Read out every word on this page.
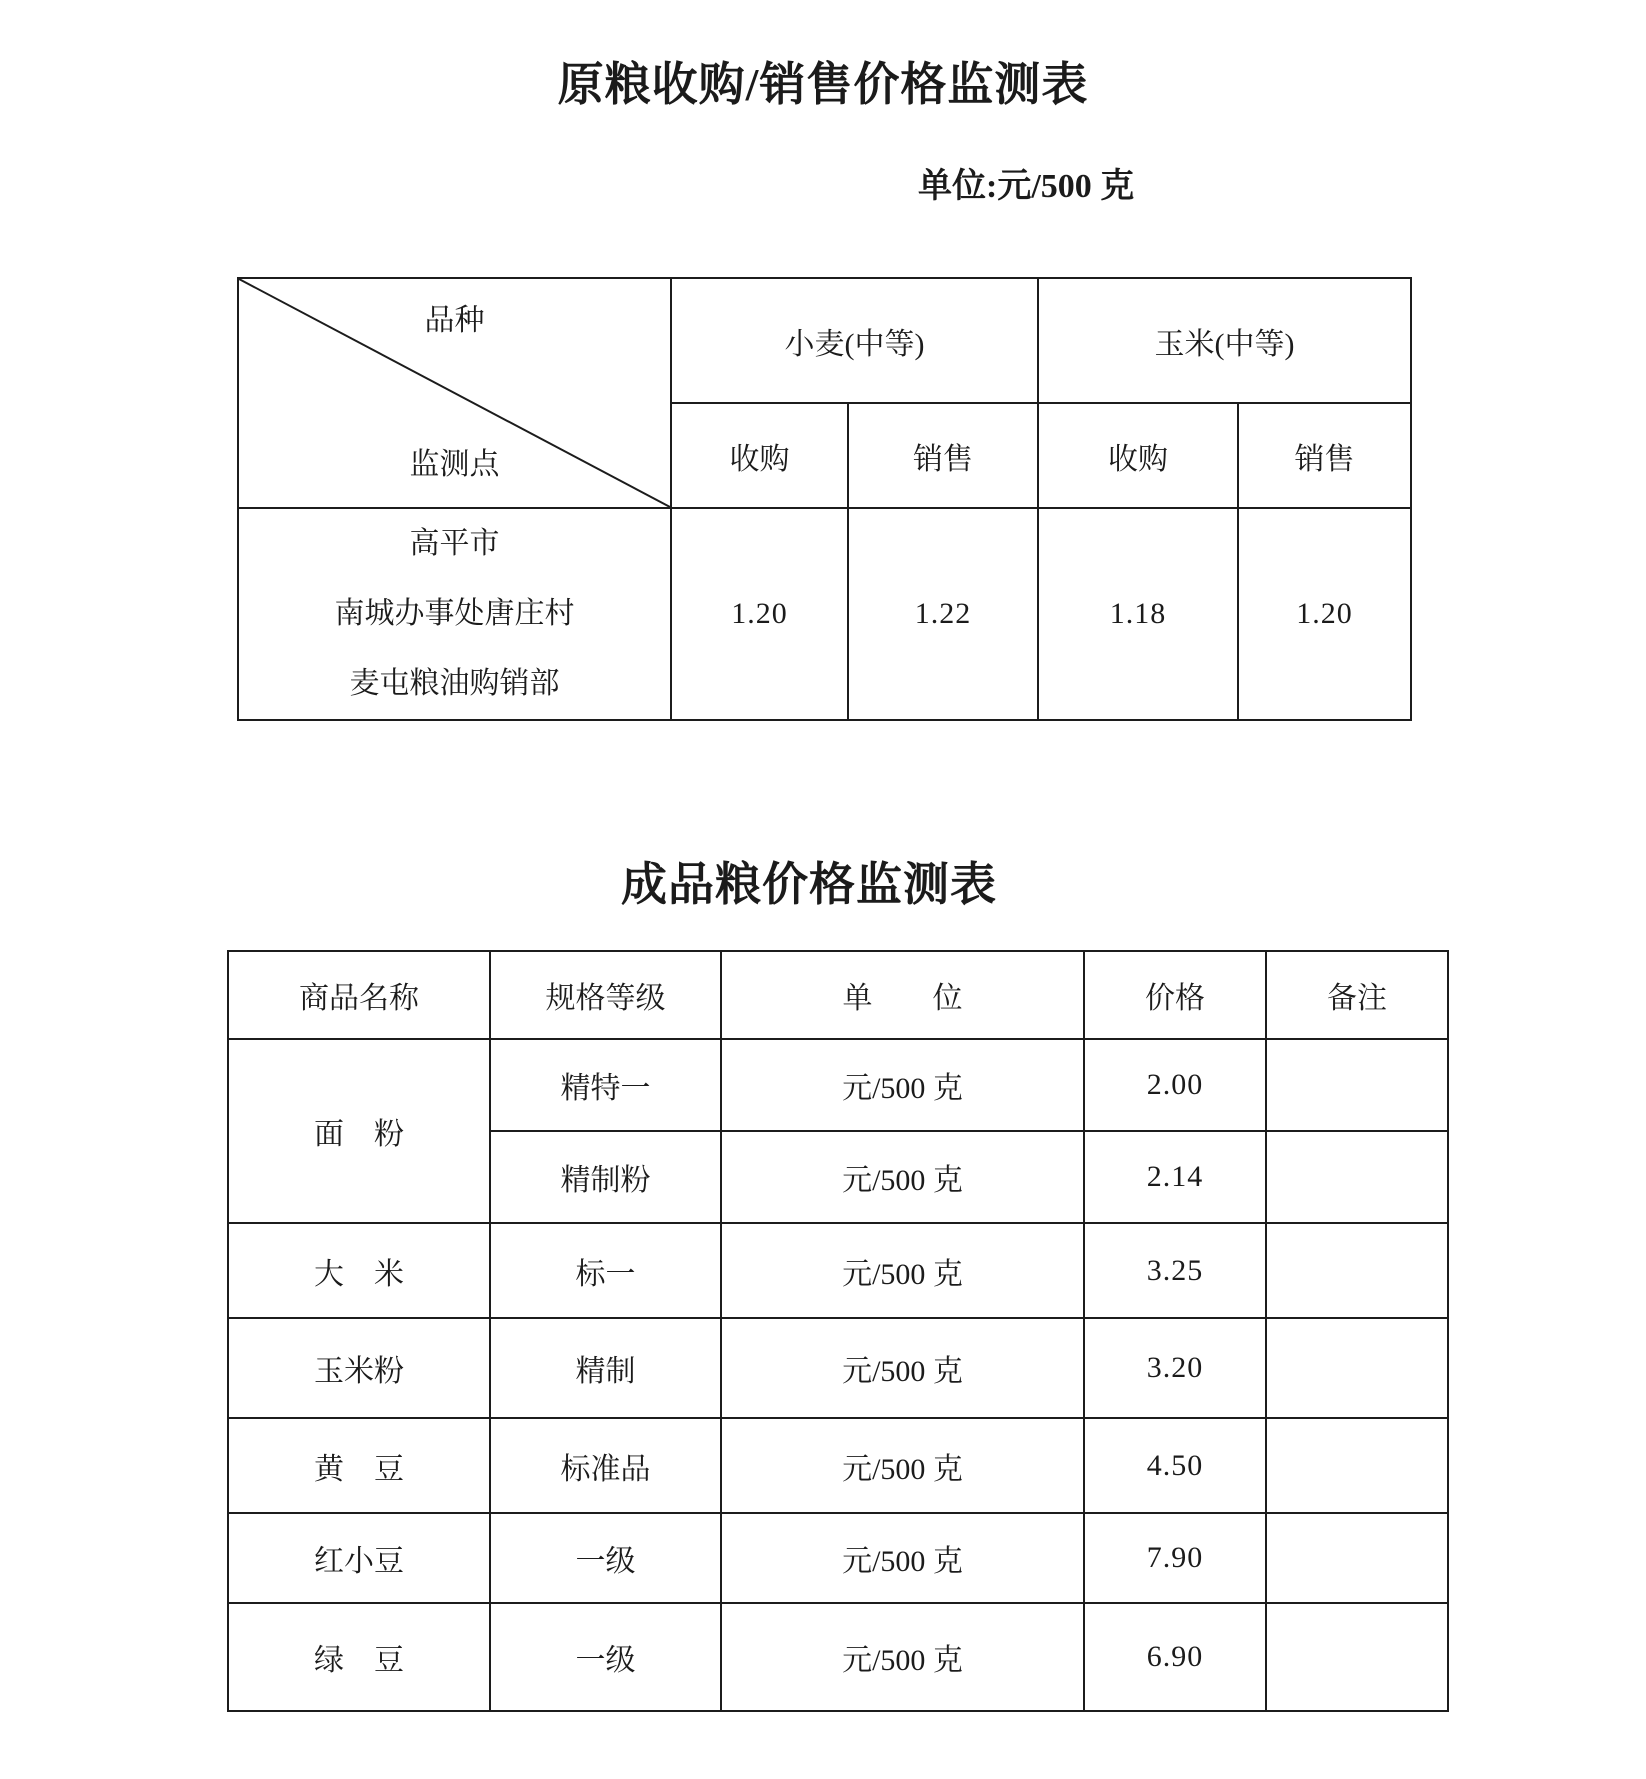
原粮收购/销售价格监测表
单位:元/500 克
品种
监测点	小麦(中等)		玉米(中等)	
	收购	销售	收购	销售

高平市
南城办事处唐庄村
麦屯粮油购销部	1.20	1.22	1.18	1.20
成品粮价格监测表
商品名称	规格等级	单　　位	价格	备注
面　粉	精特一	元/500 克	2.00	
	精制粉	元/500 克	2.14	
大　米	标一	元/500 克	3.25	
玉米粉	精制	元/500 克	3.20	
黄　豆	标准品	元/500 克	4.50	
红小豆	一级	元/500 克	7.90	
绿　豆	一级	元/500 克	6.90	
